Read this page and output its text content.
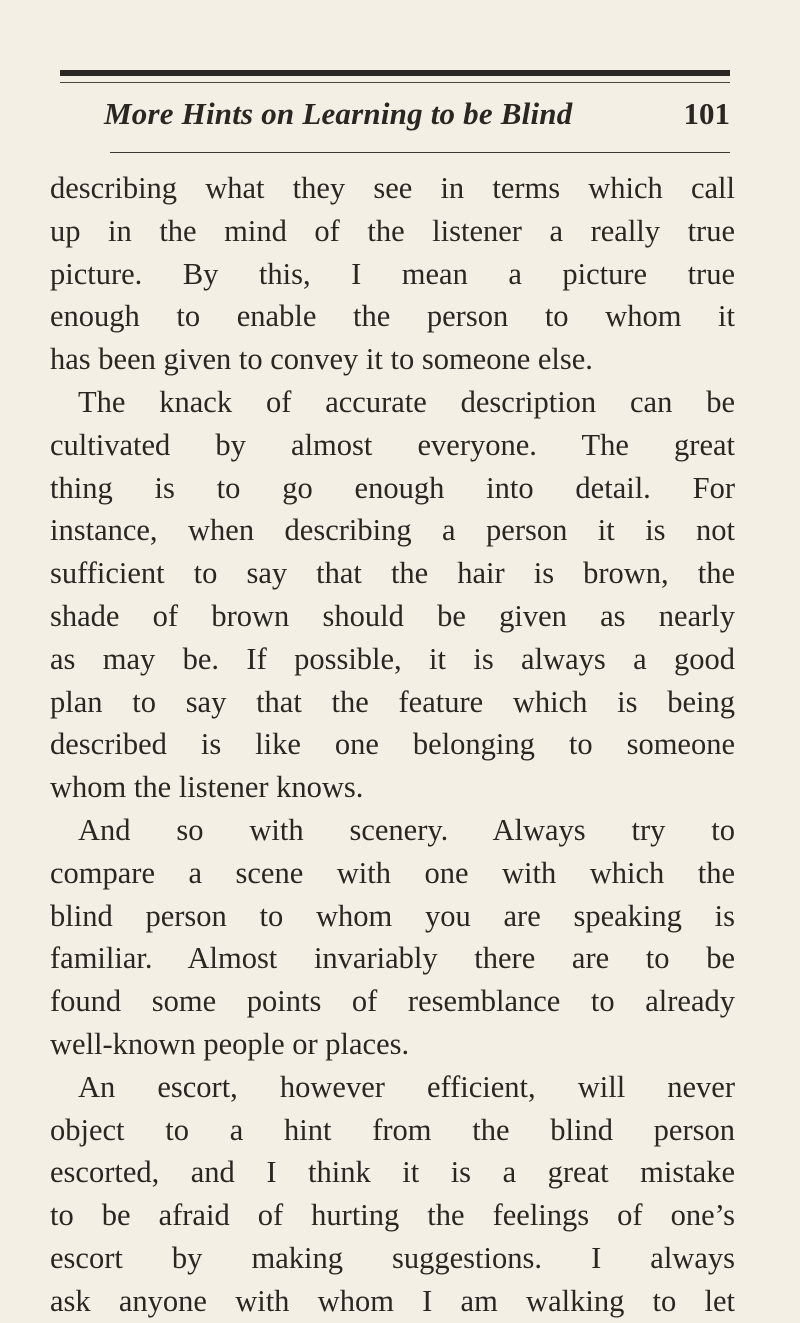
More Hints on Learning to be Blind	101
describing what they see in terms which call
up in the mind of the listener a really true
picture. By this, I mean a picture true
enough to enable the person to whom it
has been given to convey it to someone else.
The knack of accurate description can be
cultivated by almost everyone. The great
thing is to go enough into detail. For
instance, when describing a person it is not
sufficient to say that the hair is brown, the
shade of brown should be given as nearly
as may be. If possible, it is always a good
plan to say that the feature which is being
described is like one belonging to someone
whom the listener knows.
And so with scenery. Always try to
compare a scene with one with which the
blind person to whom you are speaking is
familiar. Almost invariably there are to be
found some points of resemblance to already
well-known people or places.
An escort, however efficient, will never
object to a hint from the blind person
escorted, and I think it is a great mistake
to be afraid of hurting the feelings of one’s
escort by making suggestions. I always
ask anyone with whom I am walking to let
